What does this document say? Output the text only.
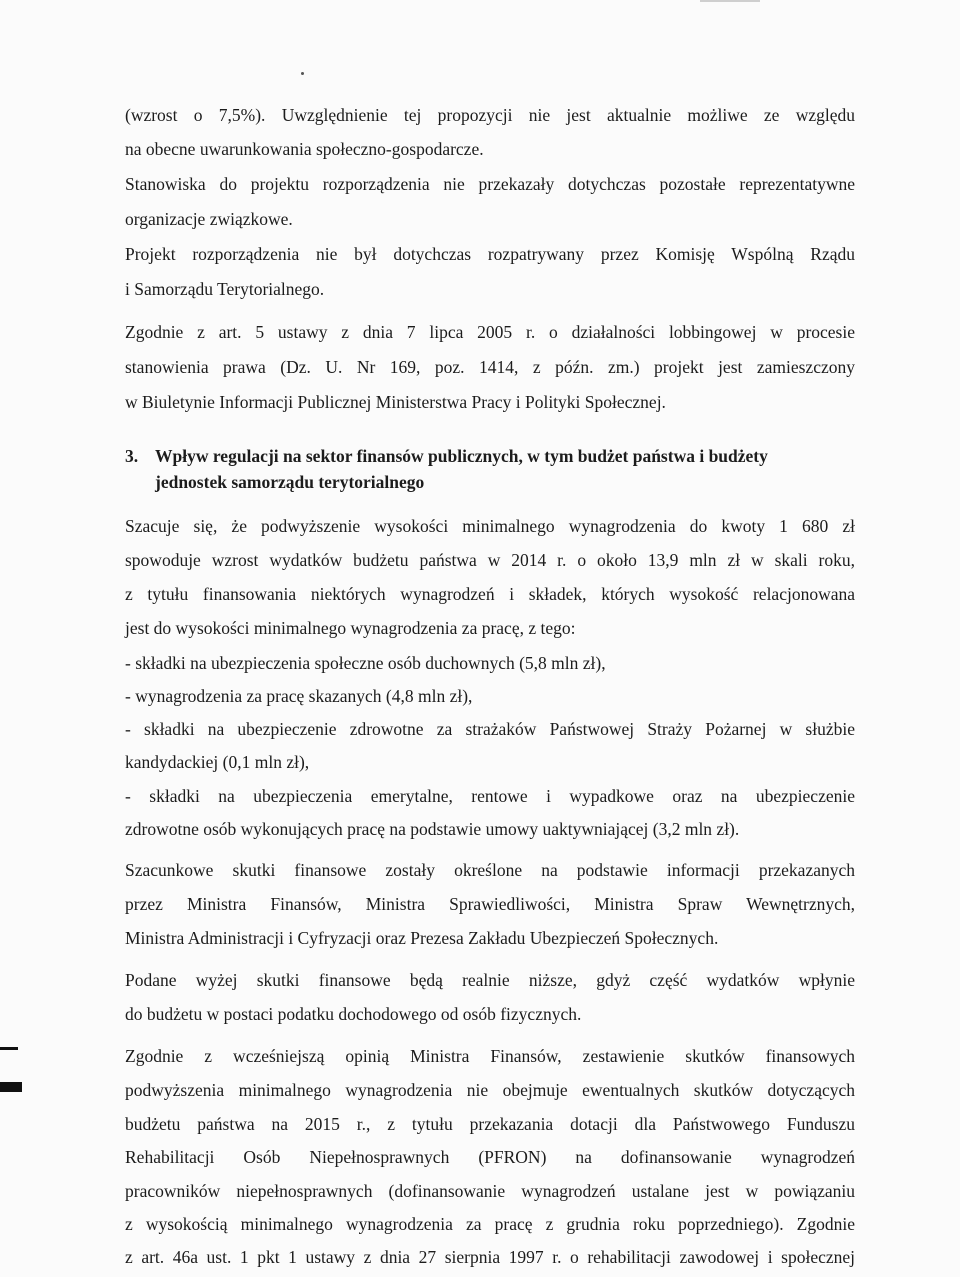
(wzrost o 7,5%). Uwzględnienie tej propozycji nie jest aktualnie możliwe ze względu

na obecne uwarunkowania społeczno-gospodarcze.

Stanowiska do projektu rozporządzenia nie przekazały dotychczas pozostałe reprezentatywne

organizacje związkowe.

Projekt rozporządzenia nie był dotychczas rozpatrywany przez Komisję Wspólną Rządu

i Samorządu Terytorialnego.

Zgodnie z art. 5 ustawy z dnia 7 lipca 2005 r. o działalności lobbingowej w procesie

stanowienia prawa (Dz. U. Nr 169, poz. 1414, z późn. zm.) projekt jest zamieszczony

w Biuletynie Informacji Publicznej Ministerstwa Pracy i Polityki Społecznej.

3. Wpływ regulacji na sektor finansów publicznych, w tym budżet państwa i budżety
jednostek samorządu terytorialnego

Szacuje się, że podwyższenie wysokości minimalnego wynagrodzenia do kwoty 1 680 zł

spowoduje wzrost wydatków budżetu państwa w 2014 r. o około 13,9 mln zł w skali roku,

z tytułu finansowania niektórych wynagrodzeń i składek, których wysokość relacjonowana

jest do wysokości minimalnego wynagrodzenia za pracę, z tego:

- składki na ubezpieczenia społeczne osób duchownych (5,8 mln zł),

- wynagrodzenia za pracę skazanych (4,8 mln zł),

- składki na ubezpieczenie zdrowotne za strażaków Państwowej Straży Pożarnej w służbie

kandydackiej (0,1 mln zł),

- składki na ubezpieczenia emerytalne, rentowe i wypadkowe oraz na ubezpieczenie

zdrowotne osób wykonujących pracę na podstawie umowy uaktywniającej (3,2 mln zł).

Szacunkowe skutki finansowe zostały określone na podstawie informacji przekazanych

przez Ministra Finansów, Ministra Sprawiedliwości, Ministra Spraw Wewnętrznych,

Ministra Administracji i Cyfryzacji oraz Prezesa Zakładu Ubezpieczeń Społecznych.

Podane wyżej skutki finansowe będą realnie niższe, gdyż część wydatków wpłynie

do budżetu w postaci podatku dochodowego od osób fizycznych.

Zgodnie z wcześniejszą opinią Ministra Finansów, zestawienie skutków finansowych

podwyższenia minimalnego wynagrodzenia nie obejmuje ewentualnych skutków dotyczących

budżetu państwa na 2015 r., z tytułu przekazania dotacji dla Państwowego Funduszu

Rehabilitacji Osób Niepełnosprawnych (PFRON) na dofinansowanie wynagrodzeń

pracowników niepełnosprawnych (dofinansowanie wynagrodzeń ustalane jest w powiązaniu

z wysokością minimalnego wynagrodzenia za pracę z grudnia roku poprzedniego). Zgodnie

z art. 46a ust. 1 pkt 1 ustawy z dnia 27 sierpnia 1997 r. o rehabilitacji zawodowej i społecznej
